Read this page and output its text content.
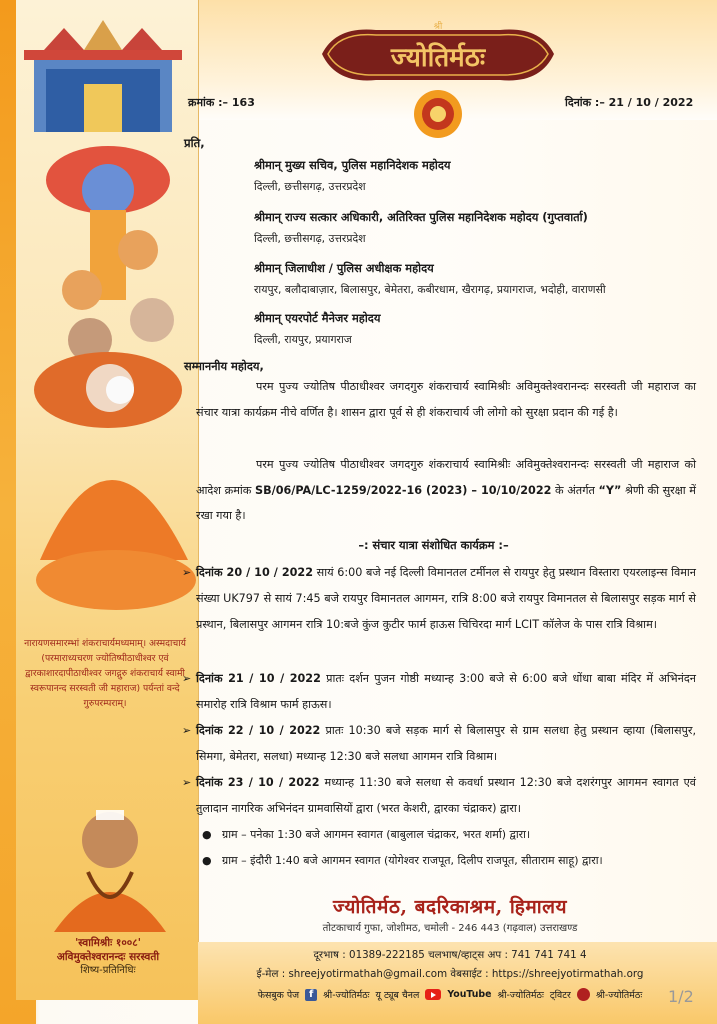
नारायणसमारम्भां शंकराचार्यमध्यमाम्। अस्मदाचार्य (परमाराध्यचरण ज्योतिष्पीठाधीश्वर एवं द्वारकाशारदापीठाधीश्वर जगद्गुरु शंकराचार्य स्वामी स्वरूपानन्द सरस्वती जी महाराज) पर्यन्तां वन्दे गुरुपरम्पराम्।
'स्वामिश्रीः १००८'
अविमुक्तेश्वरानन्दः सरस्वती

शिष्य-प्रतिनिधिः
श्री
ज्योतिर्मठः
क्रमांक :– 163	दिनांक :– 21 / 10 / 2022
प्रति,
श्रीमान् मुख्य सचिव, पुलिस महानिदेशक महोदय
दिल्ली, छत्तीसगढ़, उत्तरप्रदेश
श्रीमान् राज्य सत्कार अधिकारी, अतिरिक्त पुलिस महानिदेशक महोदय (गुप्तवार्ता)
दिल्ली, छत्तीसगढ़, उत्तरप्रदेश
श्रीमान् जिलाधीश / पुलिस अधीक्षक महोदय
रायपुर, बलौदाबाज़ार, बिलासपुर, बेमेतरा, कबीरधाम, खैरागढ़, प्रयागराज, भदोही, वाराणसी
श्रीमान् एयरपोर्ट मैनेजर महोदय
दिल्ली, रायपुर, प्रयागराज
सम्माननीय महोदय,
परम पुज्य ज्योतिष पीठाधीश्वर जगदगुरु शंकराचार्य स्वामिश्रीः अविमुक्तेश्वरानन्दः सरस्वती जी महाराज का संचार यात्रा कार्यक्रम नीचे वर्णित है। शासन द्वारा पूर्व से ही शंकराचार्य जी लोगो को सुरक्षा प्रदान की गई है।
परम पुज्य ज्योतिष पीठाधीश्वर जगदगुरु शंकराचार्य स्वामिश्रीः अविमुक्तेश्वरानन्दः सरस्वती जी महाराज को आदेश क्रमांक SB/06/PA/LC-1259/2022-16 (2023) – 10/10/2022 के अंतर्गत “Y” श्रेणी की सुरक्षा में रखा गया है।
–: संचार यात्रा संशोधित कार्यक्रम :–
➢ दिनांक 20 / 10 / 2022 सायं 6:00 बजे नई दिल्ली विमानतल टर्मीनल से रायपुर हेतु प्रस्थान विस्तारा एयरलाइन्स विमान संख्या UK797 से सायं 7:45 बजे रायपुर विमानतल आगमन, रात्रि 8:00 बजे रायपुर विमानतल से बिलासपुर सड़क मार्ग से प्रस्थान, बिलासपुर आगमन रात्रि 10:बजे कुंज कुटीर फार्म हाऊस चिचिरदा मार्ग LCIT कॉलेज के पास रात्रि विश्राम।
➢ दिनांक 21 / 10 / 2022 प्रातः दर्शन पुजन गोष्ठी मध्यान्ह 3:00 बजे से 6:00 बजे धोंधा बाबा मंदिर में अभिनंदन समारोह रात्रि विश्राम फार्म हाऊस।
➢ दिनांक 22 / 10 / 2022 प्रातः 10:30 बजे सड़क मार्ग से बिलासपुर से ग्राम सलधा हेतु प्रस्थान व्हाया (बिलासपुर, सिमगा, बेमेतरा, सलधा) मध्यान्ह 12:30 बजे सलधा आगमन रात्रि विश्राम।
➢ दिनांक 23 / 10 / 2022 मध्यान्ह 11:30 बजे सलधा से कवर्धा प्रस्थान 12:30 बजे दशरंगपुर आगमन स्वागत एवं तुलादान नागरिक अभिनंदन ग्रामवासियों द्वारा (भरत केशरी, द्वारका चंद्राकर) द्वारा।
● ग्राम – पनेका 1:30 बजे आगमन स्वागत (बाबुलाल चंद्राकर, भरत शर्मा) द्वारा।
● ग्राम – इंदौरी 1:40 बजे आगमन स्वागत (योगेश्वर राजपूत, दिलीप राजपूत, सीताराम साहू) द्वारा।
ज्योतिर्मठ, बदरिकाश्रम, हिमालय
तोटकाचार्य गुफा, जोशीमठ, चमोली - 246 443 (गढ़वाल) उत्तराखण्ड
दूरभाष : 01389-222185 चलभाष/व्हाट्स अप : 741 741 741 4
ई-मेल : shreejyotirmathah@gmail.com वेबसाईट : https://shreejyotirmathah.org
फेसबुक पेज f	श्री-ज्योतिर्मठः यू ट्यूब चैनल	YouTube श्री-ज्योतिर्मठः ट्विटर	श्री-ज्योतिर्मठः 1/2
